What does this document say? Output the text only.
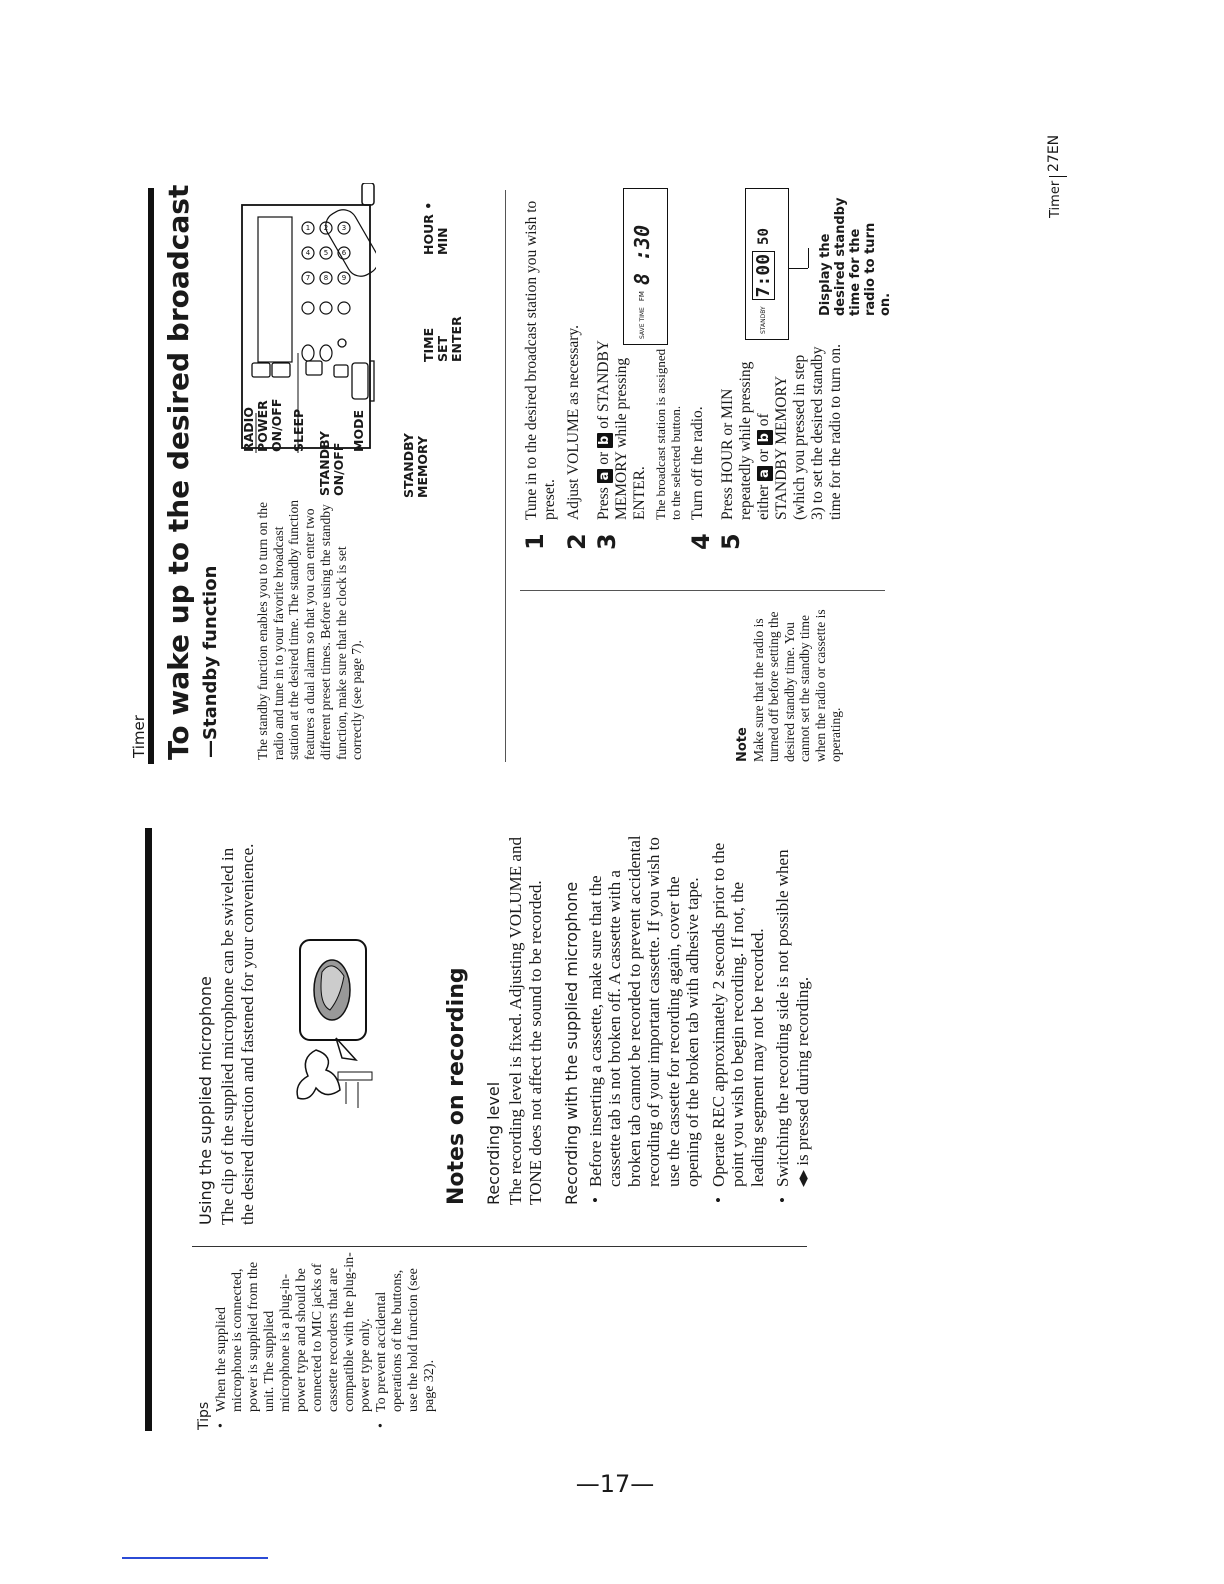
Tips
• When the supplied microphone is connected, power is supplied from the unit. The supplied microphone is a plug-in-power type and should be connected to MIC jacks of cassette recorders that are compatible with the plug-in-power type only. • To prevent accidental operations of the buttons, use the hold function (see page 32).
Using the supplied microphone The clip of the supplied microphone can be swiveled in the desired direction and fastened for your convenience.	Notes on recording Recording level The recording level is fixed. Adjusting VOLUME and TONE does not affect the sound to be recorded. Recording with the supplied microphone • Before inserting a cassette, make sure that the cassette tab is not broken off. A cassette with a broken tab cannot be recorded to prevent accidental recording of your important cassette. If you wish to use the cassette for recording again, cover the opening of the broken tab with adhesive tape. • Operate REC approximately 2 seconds prior to the point you wish to begin recording. If not, the leading segment may not be recorded. • Switching the recording side is not possible when ◂▸ is pressed during recording.
Timer To wake up to the desired broadcast —Standby function	The standby function enables you to turn on the radio and tune in to your favorite broadcast station at the desired time. The standby function features a dual alarm so that you can enter two different preset times. Before using the standby function, make sure that the clock is set correctly (see page 7).
1 2 3
4 5 6
7 8 9
RADIO POWER ON/OFF SLEEP
STANDBY ON/OFF
MODE
STANDBY MEMORY
TIME SET ENTER
HOUR • MIN
Note Make sure that the radio is turned off before setting the desired standby time. You cannot set the standby time when the radio or cassette is operating.

1
Tune in to the desired broadcast station you wish to preset.
2
Adjust VOLUME as necessary.
3
Press a or b of STANDBY MEMORY while pressing ENTER. The broadcast station is assigned to the selected button.

4
Turn off the radio.
5
Press HOUR or MIN repeatedly while pressing either a or b of STANDBY MEMORY (which you pressed in step 3) to set the desired standby time for the radio to turn on.
SAVE TIME
FM
8 :30
STANDBY
7:00
50	Display the desired standby time for the radio to turn on.
Timer
27EN
—17—
